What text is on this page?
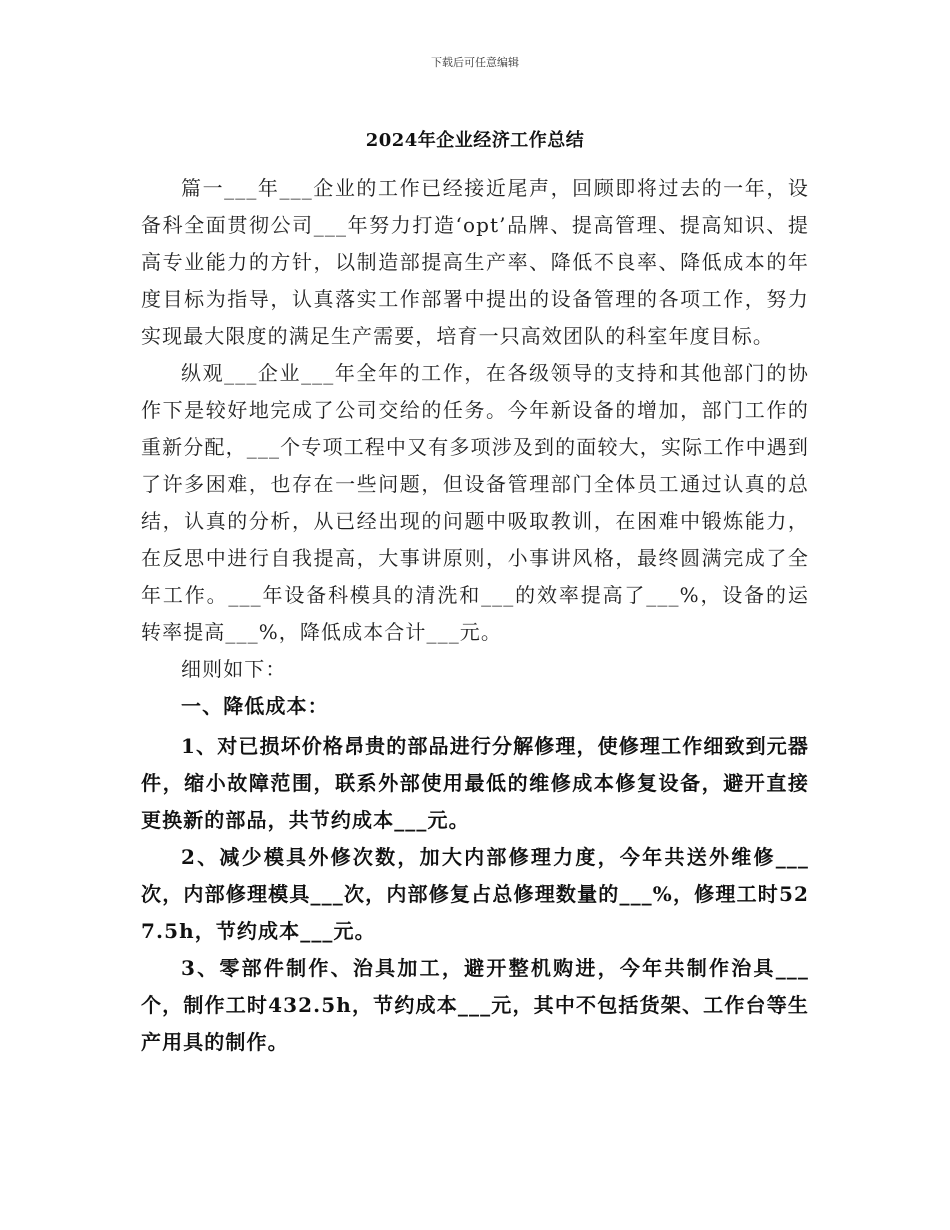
下载后可任意编辑
2024年企业经济工作总结

篇一___年___企业的工作已经接近尾声，回顾即将过去的一年，设备科全面贯彻公司___年努力打造‘opt’品牌、提高管理、提高知识、提高专业能力的方针，以制造部提高生产率、降低不良率、降低成本的年度目标为指导，认真落实工作部署中提出的设备管理的各项工作，努力实现最大限度的满足生产需要，培育一只高效团队的科室年度目标。

纵观___企业___年全年的工作，在各级领导的支持和其他部门的协作下是较好地完成了公司交给的任务。今年新设备的增加，部门工作的重新分配，___个专项工程中又有多项涉及到的面较大，实际工作中遇到了许多困难，也存在一些问题，但设备管理部门全体员工通过认真的总结，认真的分析，从已经出现的问题中吸取教训，在困难中锻炼能力，在反思中进行自我提高，大事讲原则，小事讲风格，最终圆满完成了全年工作。___年设备科模具的清洗和___的效率提高了___%，设备的运转率提高___%，降低成本合计___元。

细则如下：

一、降低成本：

1、对已损坏价格昂贵的部品进行分解修理，使修理工作细致到元器件，缩小故障范围，联系外部使用最低的维修成本修复设备，避开直接更换新的部品，共节约成本___元。

2、减少模具外修次数，加大内部修理力度，今年共送外维修___次，内部修理模具___次，内部修复占总修理数量的___%，修理工时527.5h，节约成本___元。

3、零部件制作、治具加工，避开整机购进，今年共制作治具___个，制作工时432.5h，节约成本___元，其中不包括货架、工作台等生产用具的制作。
